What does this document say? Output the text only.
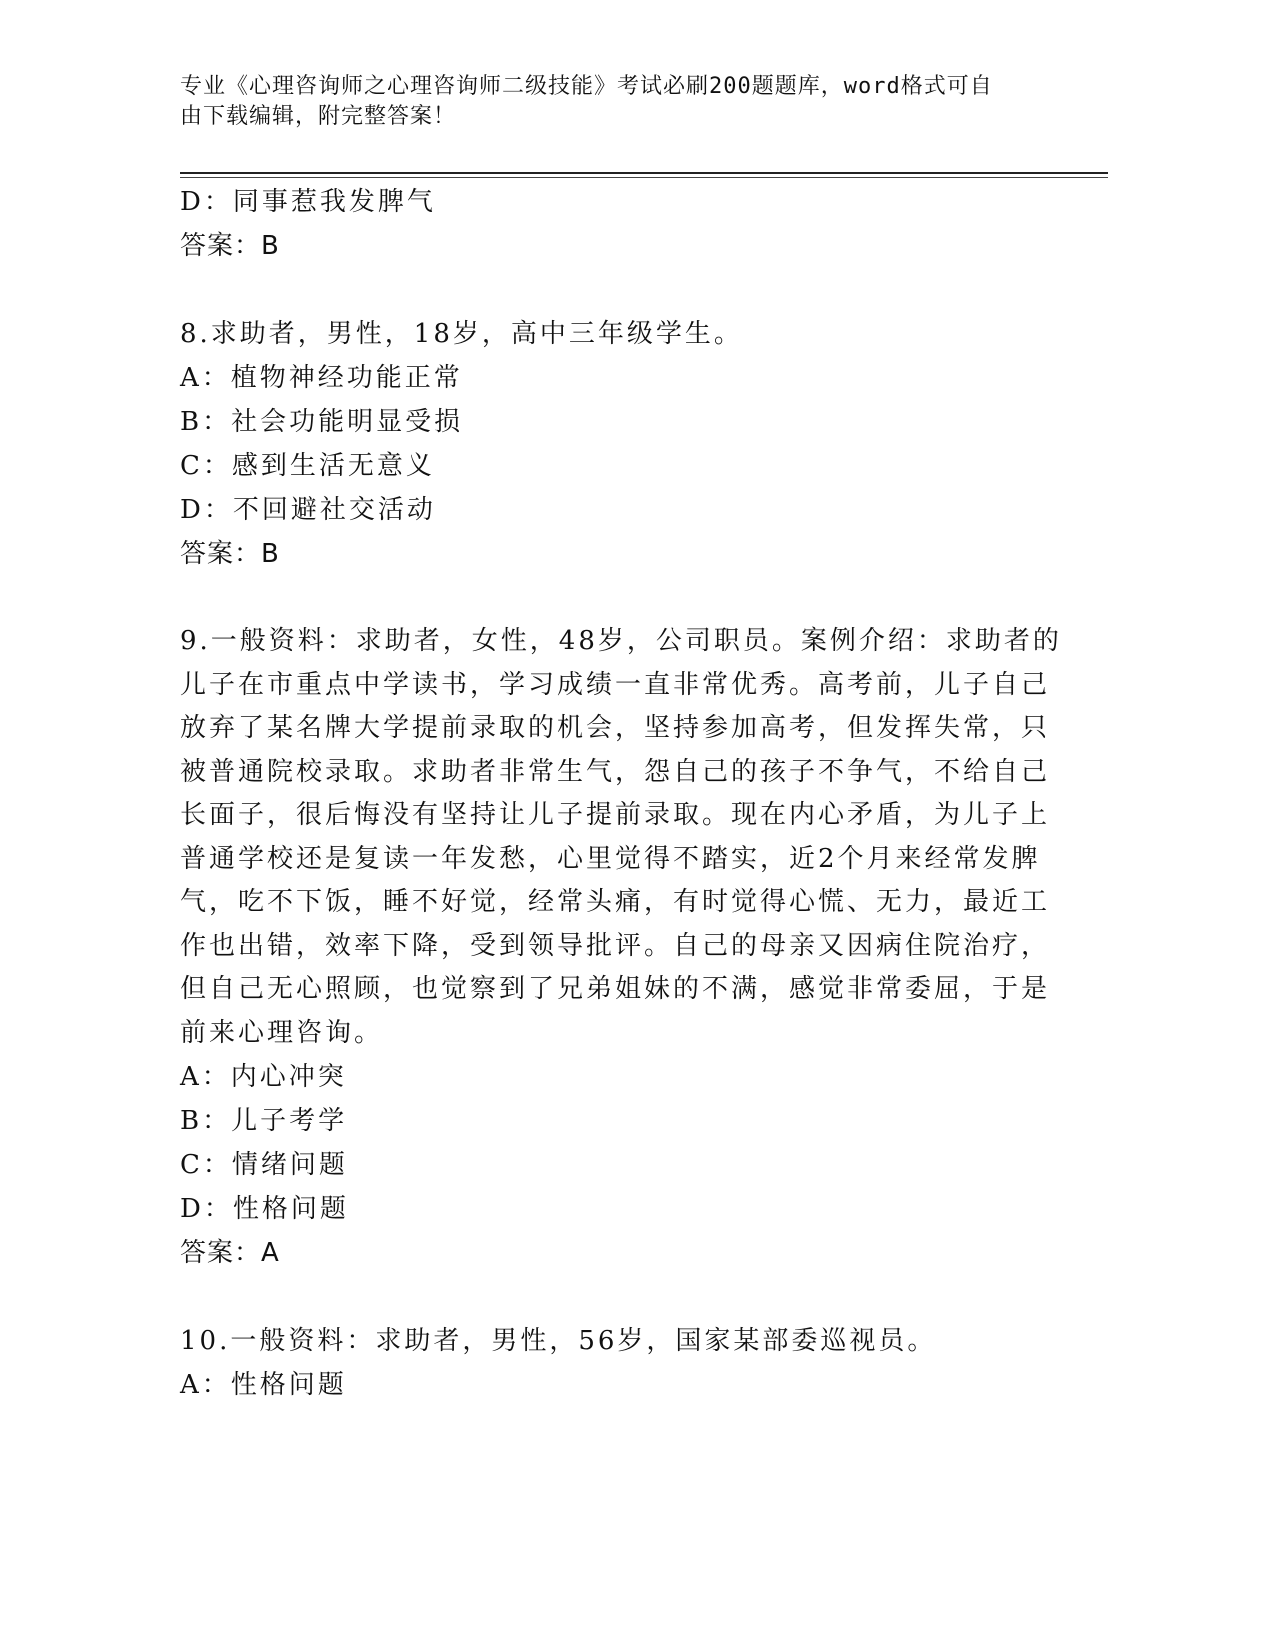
专业《心理咨询师之心理咨询师二级技能》考试必刷200题题库，word格式可自
由下载编辑，附完整答案！
D：同事惹我发脾气
答案：B
8.求助者，男性，18岁，高中三年级学生。
A：植物神经功能正常
B：社会功能明显受损
C：感到生活无意义
D：不回避社交活动
答案：B
9.一般资料：求助者，女性，48岁，公司职员。案例介绍：求助者的
儿子在市重点中学读书，学习成绩一直非常优秀。高考前，儿子自己
放弃了某名牌大学提前录取的机会，坚持参加高考，但发挥失常，只
被普通院校录取。求助者非常生气，怨自己的孩子不争气，不给自己
长面子，很后悔没有坚持让儿子提前录取。现在内心矛盾，为儿子上
普通学校还是复读一年发愁，心里觉得不踏实，近2个月来经常发脾
气，吃不下饭，睡不好觉，经常头痛，有时觉得心慌、无力，最近工
作也出错，效率下降，受到领导批评。自己的母亲又因病住院治疗，
但自己无心照顾，也觉察到了兄弟姐妹的不满，感觉非常委屈，于是
前来心理咨询。
A：内心冲突
B：儿子考学
C：情绪问题
D：性格问题
答案：A
10.一般资料：求助者，男性，56岁，国家某部委巡视员。
A：性格问题
